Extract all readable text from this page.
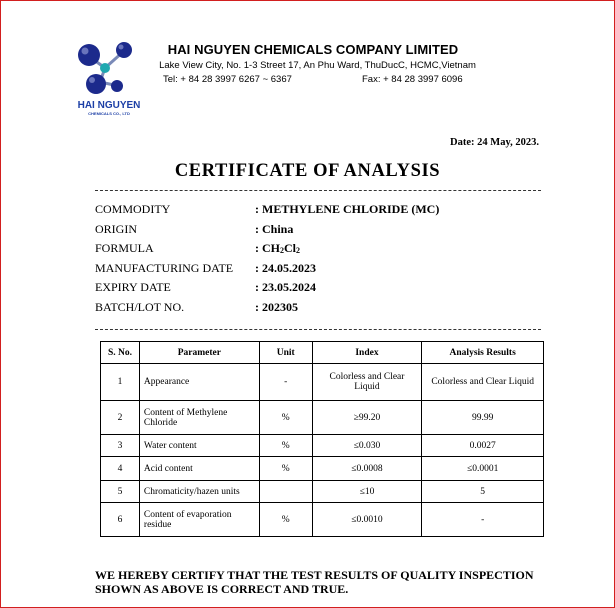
HAI NGUYEN
CHEMICALS CO., LTD
HAI NGUYEN CHEMICALS COMPANY LIMITED
Lake View City, No. 1-3 Street 17, An Phu Ward, ThuDucC, HCMC,Vietnam
Tel: + 84 28 3997 6267 ~ 6367	Fax: + 84 28 3997 6096
Date: 24 May, 2023.
CERTIFICATE OF ANALYSIS
COMMODITY	: METHYLENE CHLORIDE (MC)
ORIGIN	: China
FORMULA	: CH2Cl2
MANUFACTURING DATE : 24.05.2023
EXPIRY DATE	: 23.05.2024
BATCH/LOT NO.	: 202305
S. No.	Parameter	Unit	Index	Analysis Results
1	Appearance	-	Colorless and Clear Liquid	Colorless and Clear Liquid
2	Content of Methylene Chloride	%	≥99.20	99.99
3	Water content	%	≤0.030	0.0027
4	Acid content	%	≤0.0008	≤0.0001
5	Chromaticity/hazen units		≤10	5
6	Content of evaporation residue	%	≤0.0010	-
WE HEREBY CERTIFY THAT THE TEST RESULTS OF QUALITY INSPECTION SHOWN AS ABOVE IS CORRECT AND TRUE.
